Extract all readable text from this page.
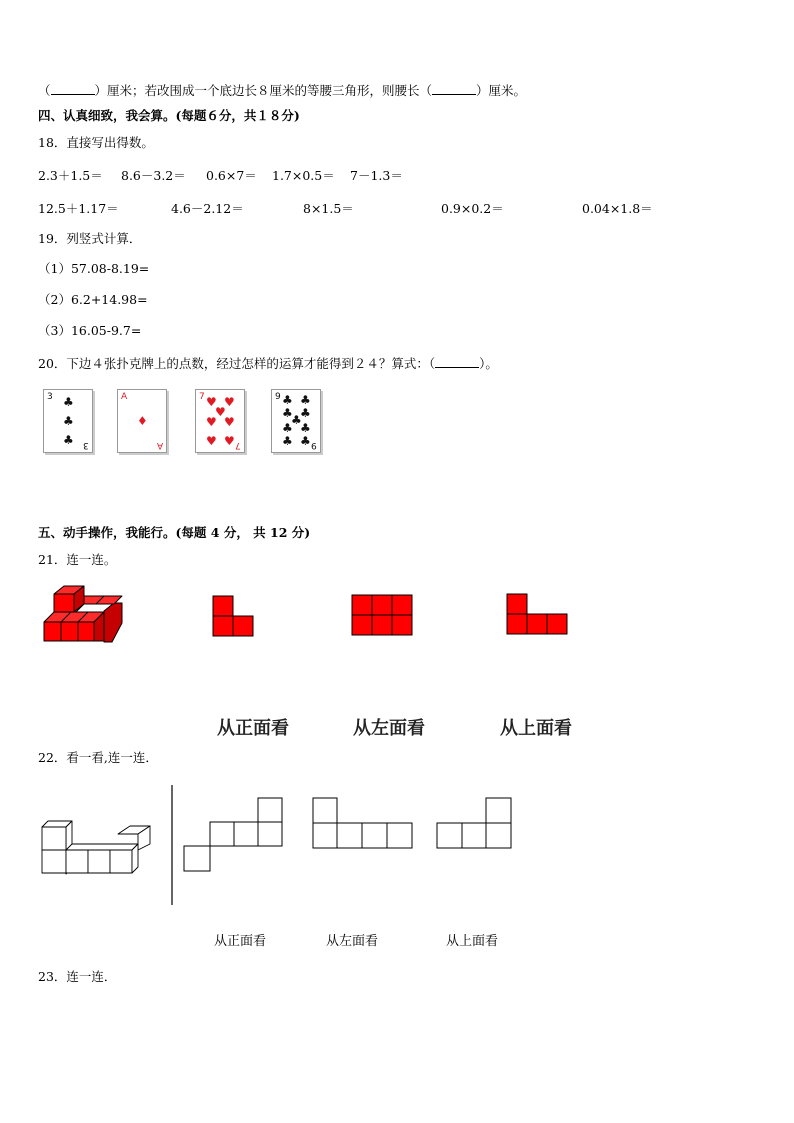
（	）厘米；若改围成一个底边长８厘米的等腰三角形，则腰长（	）厘米。
四、认真细致，我会算。(每题６分，共１８分)
18．直接写出得数。
2.3＋1.5＝ 8.6－3.2＝ 0.6×7＝ 1.7×0.5＝ 7－1.3＝
12.5＋1.17＝	4.6－2.12＝	8×1.5＝	0.9×0.2＝	0.04×1.8＝
19．列竖式计算．
（1）57.08-8.19=
（2）6.2+14.98=
（3）16.05-9.7=
20．下边４张扑克牌上的点数，经过怎样的运算才能得到２４？算式：（	）。
3
3
♣
♣
♣
A
A
♦
7
7
♥ ♥
♥
♥ ♥
♥ ♥
9
9
♣ ♣
♣ ♣
♣
♣ ♣
♣ ♣
五、动手操作，我能行。(每题 4 分， 共 12 分)
21．连一连。
从正面看	从左面看	从上面看
22．看一看,连一连．
从正面看	从左面看	从上面看
23．连一连．
